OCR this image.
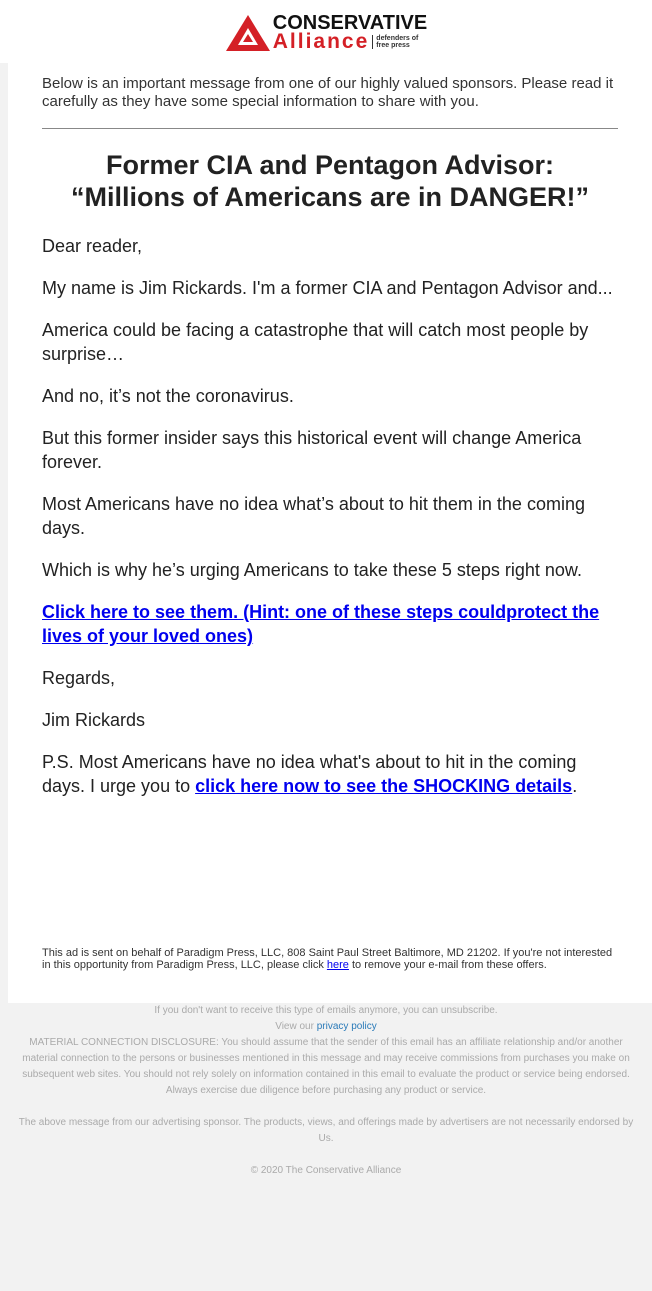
CONSERVATIVE
Alliance defenders of
free press

Below is an important message from one of our highly valued sponsors. Please read it carefully as they have some special information to share with you.

Former CIA and Pentagon Advisor:
“Millions of Americans are in DANGER!”

Dear reader,

My name is Jim Rickards. I'm a former CIA and Pentagon Advisor and...

America could be facing a catastrophe that will catch most people by surprise…

And no, it’s not the coronavirus.

But this former insider says this historical event will change America forever.

Most Americans have no idea what’s about to hit them in the coming days.

Which is why he’s urging Americans to take these 5 steps right now.

Click here to see them. (Hint: one of these steps couldprotect the lives of your loved ones)

Regards,

Jim Rickards

P.S. Most Americans have no idea what's about to hit in the coming days. I urge you to click here now to see the SHOCKING details.

This ad is sent on behalf of Paradigm Press, LLC, 808 Saint Paul Street Baltimore, MD 21202. If you're not interested in this opportunity from Paradigm Press, LLC, please click here to remove your e-mail from these offers.

If you don't want to receive this type of emails anymore, you can unsubscribe.

View our privacy policy

MATERIAL CONNECTION DISCLOSURE: You should assume that the sender of this email has an affiliate relationship and/or another material connection to the persons or businesses mentioned in this message and may receive commissions from purchases you make on subsequent web sites. You should not rely solely on information contained in this email to evaluate the product or service being endorsed. Always exercise due diligence before purchasing any product or service.

The above message from our advertising sponsor. The products, views, and offerings made by advertisers are not necessarily endorsed by Us.

© 2020 The Conservative Alliance
